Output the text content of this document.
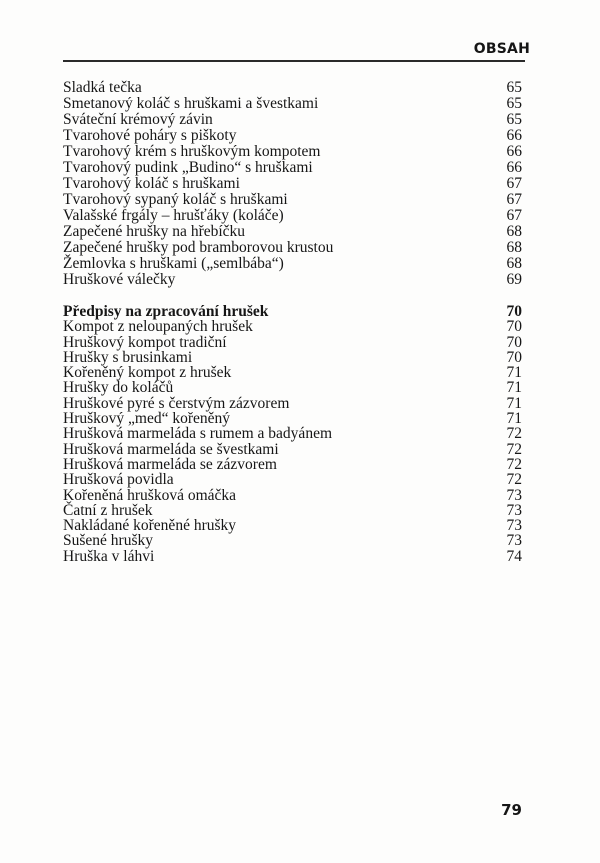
OBSAH
Sladká tečka	65
Smetanový koláč s hruškami a švestkami	65
Sváteční krémový závin	65
Tvarohové poháry s piškoty	66
Tvarohový krém s hruškovým kompotem	66
Tvarohový pudink „Budino“ s hruškami	66
Tvarohový koláč s hruškami	67
Tvarohový sypaný koláč s hruškami	67
Valašské frgály – hrušťáky (koláče)	67
Zapečené hrušky na hřebíčku	68
Zapečené hrušky pod bramborovou krustou	68
Žemlovka s hruškami („semlbába“)	68
Hruškové válečky	69
Předpisy na zpracování hrušek	70
Kompot z neloupaných hrušek	70
Hruškový kompot tradiční	70
Hrušky s brusinkami	70
Kořeněný kompot z hrušek	71
Hrušky do koláčů	71
Hruškové pyré s čerstvým zázvorem	71
Hruškový „med“ kořeněný	71
Hrušková marmeláda s rumem a badyánem	72
Hrušková marmeláda se švestkami	72
Hrušková marmeláda se zázvorem	72
Hrušková povidla	72
Kořeněná hrušková omáčka	73
Čatní z hrušek	73
Nakládané kořeněné hrušky	73
Sušené hrušky	73
Hruška v láhvi	74
79
